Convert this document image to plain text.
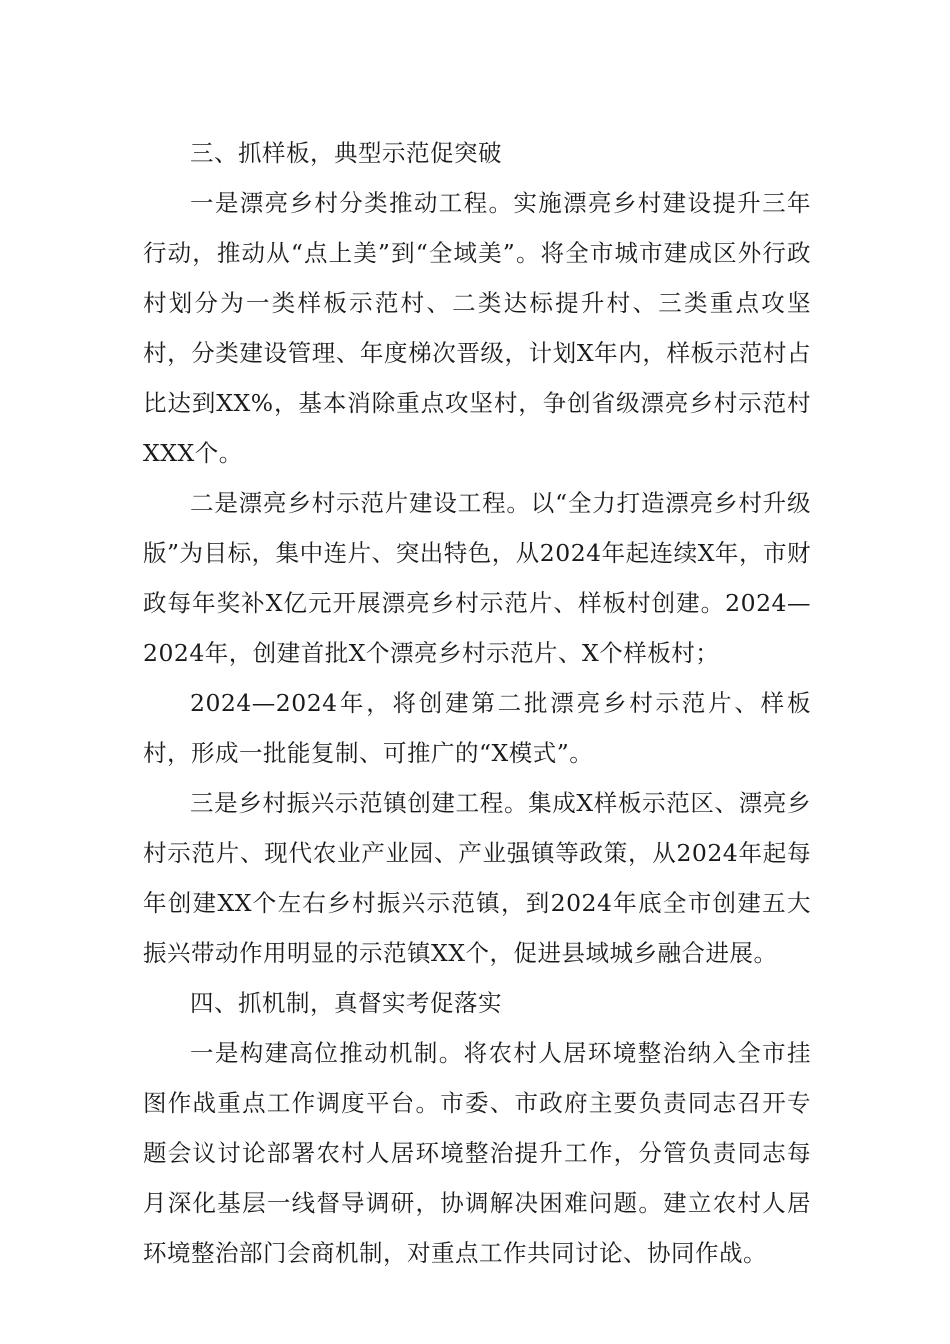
三、抓样板，典型示范促突破

一是漂亮乡村分类推动工程。实施漂亮乡村建设提升三年行动，推动从“点上美”到“全域美”。将全市城市建成区外行政村划分为一类样板示范村、二类达标提升村、三类重点攻坚村，分类建设管理、年度梯次晋级，计划X年内，样板示范村占比达到XX%，基本消除重点攻坚村，争创省级漂亮乡村示范村XXX个。

二是漂亮乡村示范片建设工程。以“全力打造漂亮乡村升级版”为目标，集中连片、突出特色，从2024年起连续X年，市财政每年奖补X亿元开展漂亮乡村示范片、样板村创建。2024—2024年，创建首批X个漂亮乡村示范片、X个样板村；

2024—2024年，将创建第二批漂亮乡村示范片、样板村，形成一批能复制、可推广的“X模式”。

三是乡村振兴示范镇创建工程。集成X样板示范区、漂亮乡村示范片、现代农业产业园、产业强镇等政策，从2024年起每年创建XX个左右乡村振兴示范镇，到2024年底全市创建五大振兴带动作用明显的示范镇XX个，促进县域城乡融合进展。

四、抓机制，真督实考促落实

一是构建高位推动机制。将农村人居环境整治纳入全市挂图作战重点工作调度平台。市委、市政府主要负责同志召开专题会议讨论部署农村人居环境整治提升工作，分管负责同志每月深化基层一线督导调研，协调解决困难问题。建立农村人居环境整治部门会商机制，对重点工作共同讨论、协同作战。
